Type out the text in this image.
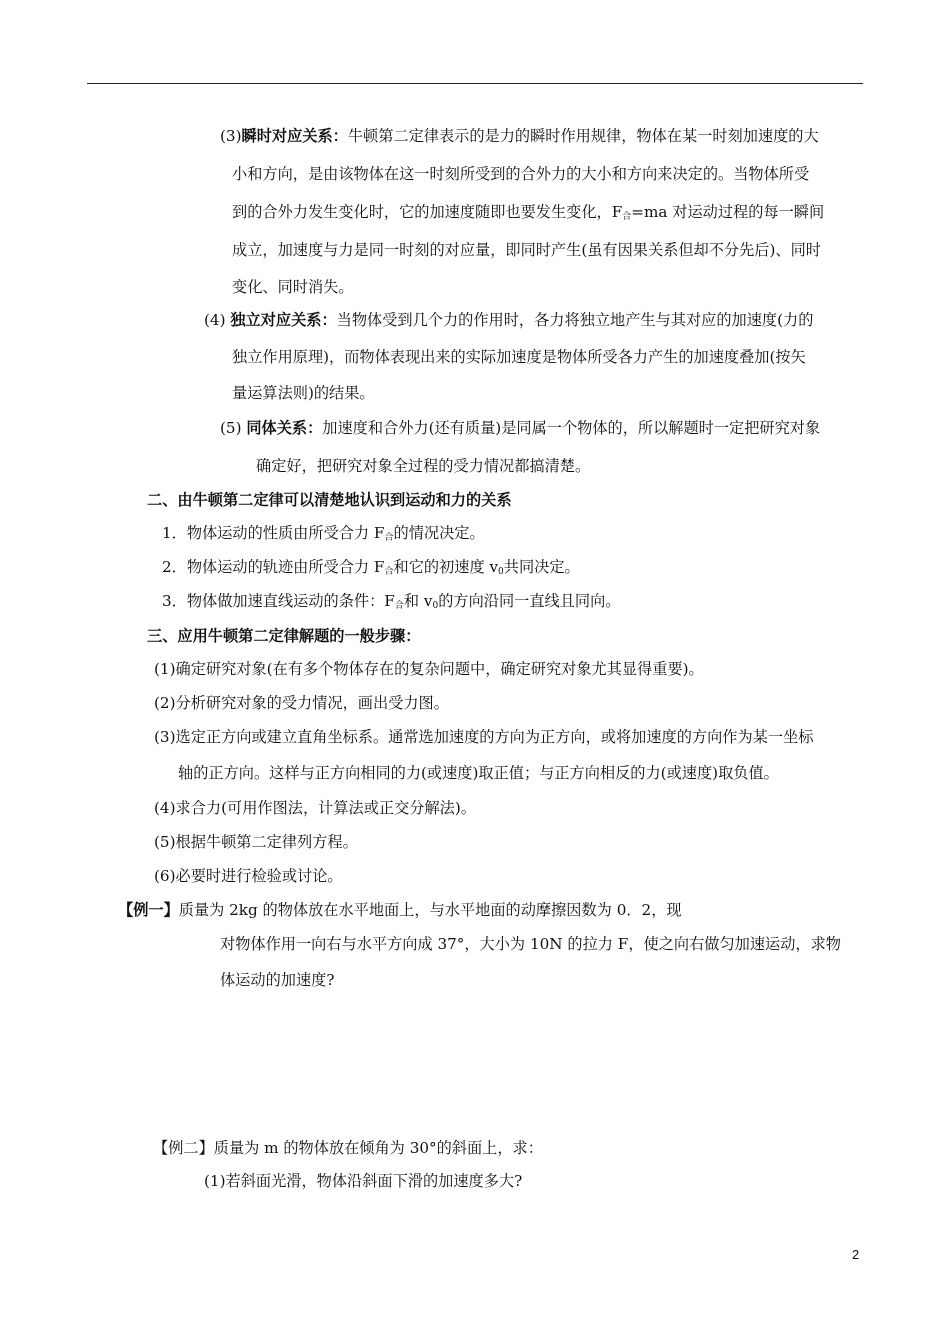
(3)瞬时对应关系：牛顿第二定律表示的是力的瞬时作用规律，物体在某一时刻加速度的大
小和方向，是由该物体在这一时刻所受到的合外力的大小和方向来决定的。当物体所受
到的合外力发生变化时，它的加速度随即也要发生变化，$F_合=ma$ 对运动过程的每一瞬间
成立，加速度与力是同一时刻的对应量，即同时产生(虽有因果关系但却不分先后)、同时
变化、同时消失。
(4) 独立对应关系：当物体受到几个力的作用时，各力将独立地产生与其对应的加速度(力的
独立作用原理)，而物体表现出来的实际加速度是物体所受各力产生的加速度叠加(按矢
量运算法则)的结果。
(5) 同体关系：加速度和合外力(还有质量)是同属一个物体的，所以解题时一定把研究对象
确定好，把研究对象全过程的受力情况都搞清楚。
二、由牛顿第二定律可以清楚地认识到运动和力的关系
1．物体运动的性质由所受合力 $F_合$的情况决定。
2．物体运动的轨迹由所受合力 $F_合$和它的初速度 $v_0$共同决定。
3．物体做加速直线运动的条件：$F_合$和 $v_0$的方向沿同一直线且同向。
三、应用牛顿第二定律解题的一般步骤：
(1)确定研究对象(在有多个物体存在的复杂问题中，确定研究对象尤其显得重要)。
(2)分析研究对象的受力情况，画出受力图。
(3)选定正方向或建立直角坐标系。通常选加速度的方向为正方向，或将加速度的方向作为某一坐标
轴的正方向。这样与正方向相同的力(或速度)取正值；与正方向相反的力(或速度)取负值。
(4)求合力(可用作图法，计算法或正交分解法)。
(5)根据牛顿第二定律列方程。
(6)必要时进行检验或讨论。
【例一】质量为 2kg 的物体放在水平地面上，与水平地面的动摩擦因数为 0．2，现
对物体作用一向右与水平方向成 37°，大小为 10N 的拉力 F，使之向右做匀加速运动，求物
体运动的加速度?
【例二】质量为 m 的物体放在倾角为 30°的斜面上，求：
(1)若斜面光滑，物体沿斜面下滑的加速度多大?
2
